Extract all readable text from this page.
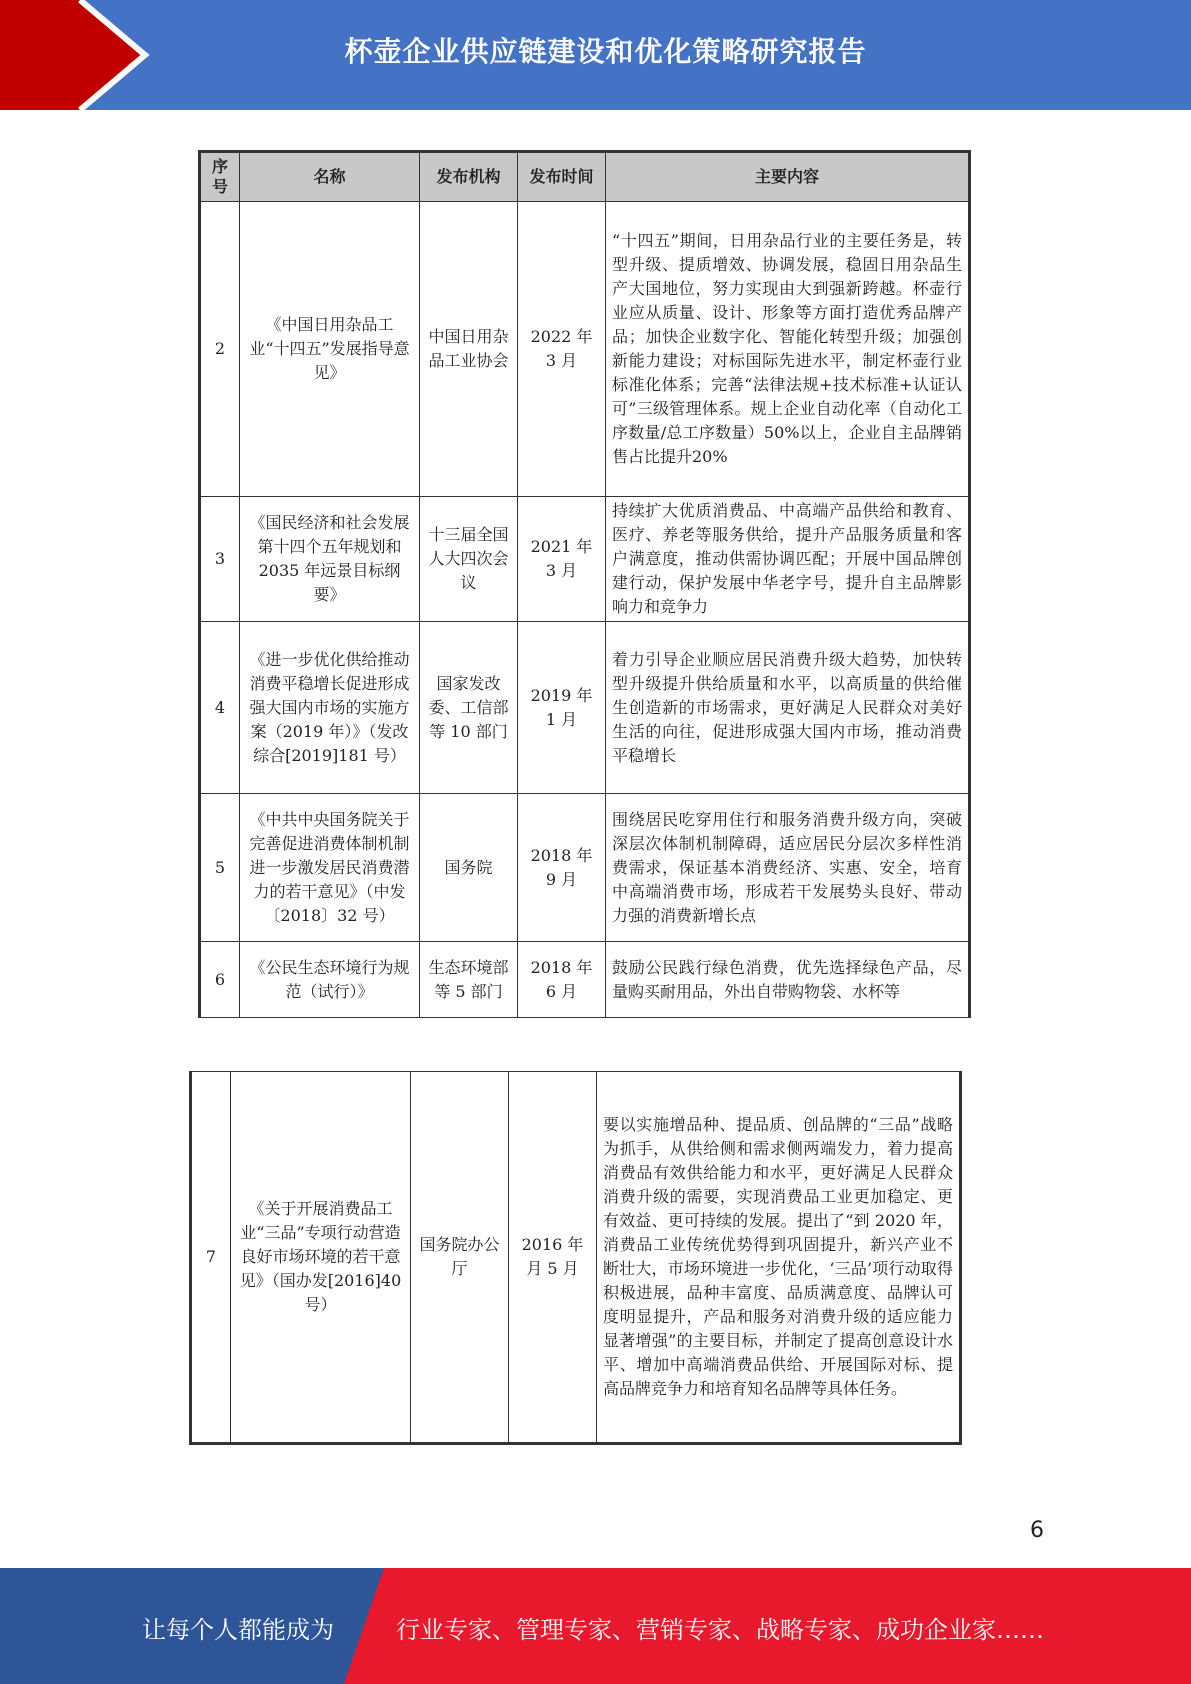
杯壶企业供应链建设和优化策略研究报告
序号	名称	发布机构	发布时间	主要内容
2	《中国日用杂品工业“十四五”发展指导意见》	中国日用杂品工业协会	2022 年 3 月	“十四五”期间，日用杂品行业的主要任务是，转型升级、提质增效、协调发展，稳固日用杂品生产大国地位，努力实现由大到强新跨越。杯壶行业应从质量、设计、形象等方面打造优秀品牌产品；加快企业数字化、智能化转型升级；加强创新能力建设；对标国际先进水平，制定杯壶行业标准化体系；完善“法律法规+技术标准+认证认可”三级管理体系。规上企业自动化率（自动化工序数量/总工序数量）50%以上，企业自主品牌销售占比提升20%
3	《国民经济和社会发展第十四个五年规划和 2035 年远景目标纲要》	十三届全国人大四次会议	2021 年 3 月	持续扩大优质消费品、中高端产品供给和教育、医疗、养老等服务供给，提升产品服务质量和客户满意度，推动供需协调匹配；开展中国品牌创建行动，保护发展中华老字号，提升自主品牌影响力和竞争力
4	《进一步优化供给推动消费平稳增长促进形成强大国内市场的实施方案（2019 年）》（发改综合[2019]181 号）	国家发改委、工信部等 10 部门	2019 年 1 月	着力引导企业顺应居民消费升级大趋势，加快转型升级提升供给质量和水平，以高质量的供给催生创造新的市场需求，更好满足人民群众对美好生活的向往，促进形成强大国内市场，推动消费平稳增长
5	《中共中央国务院关于完善促进消费体制机制进一步激发居民消费潜力的若干意见》（中发〔2018〕32 号）	国务院	2018 年 9 月	围绕居民吃穿用住行和服务消费升级方向，突破深层次体制机制障碍，适应居民分层次多样性消费需求，保证基本消费经济、实惠、安全，培育中高端消费市场，形成若干发展势头良好、带动力强的消费新增长点
6	《公民生态环境行为规范（试行）》	生态环境部等 5 部门	2018 年 6 月	鼓励公民践行绿色消费，优先选择绿色产品，尽量购买耐用品，外出自带购物袋、水杯等
7	《关于开展消费品工业“三品”专项行动营造良好市场环境的若干意见》（国办发[2016]40 号）	国务院办公厅	2016 年月 5 月	要以实施增品种、提品质、创品牌的“三品”战略为抓手，从供给侧和需求侧两端发力，着力提高消费品有效供给能力和水平，更好满足人民群众消费升级的需要，实现消费品工业更加稳定、更有效益、更可持续的发展。提出了“到 2020 年，消费品工业传统优势得到巩固提升，新兴产业不断壮大，市场环境进一步优化，‘三品’项行动取得积极进展，品种丰富度、品质满意度、品牌认可度明显提升，产品和服务对消费升级的适应能力显著增强”的主要目标，并制定了提高创意设计水平、增加中高端消费品供给、开展国际对标、提高品牌竞争力和培育知名品牌等具体任务。
6
让每个人都能成为	行业专家、管理专家、营销专家、战略专家、成功企业家……
